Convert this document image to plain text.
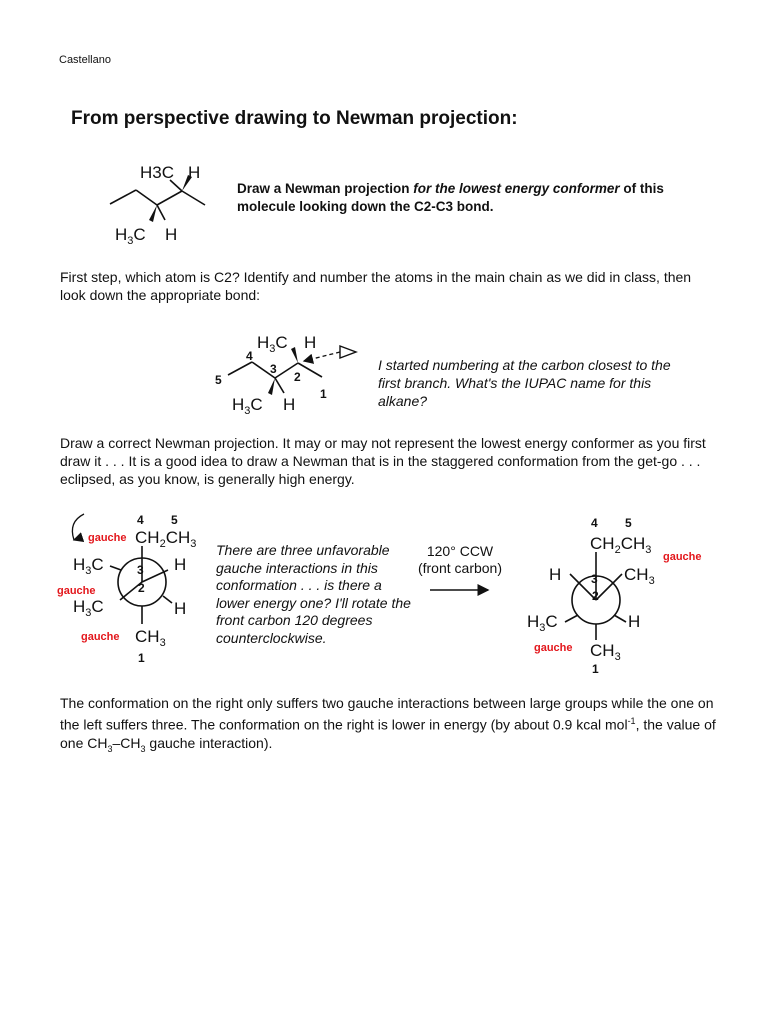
Castellano
From perspective drawing to Newman projection:
Draw a Newman projection for the lowest energy conformer of this molecule looking down the C2-C3 bond.
First step, which atom is C2? Identify and number the atoms in the main chain as we did in class, then look down the appropriate bond:
I started numbering at the carbon closest to the first branch. What's the IUPAC name for this alkane?
Draw a correct Newman projection. It may or may not represent the lowest energy conformer as you first draw it . . . It is a good idea to draw a Newman that is in the staggered conformation from the get-go . . . eclipsed, as you know, is generally high energy.
There are three unfavorable gauche interactions in this conformation . . . is there a lower energy one? I'll rotate the front carbon 120 degrees counterclockwise.
120° CCW
(front carbon)
The conformation on the right only suffers two gauche interactions between large groups while the one on the left suffers three. The conformation on the right is lower in energy (by about 0.9 kcal mol$^{-1}$, the value of one $CH_3-CH_3$ gauche interaction).
H3C H
$H_3C$ H
$H_3C$ H
$H_3C$ H
4
3
2
5
1
4 5
$CH_2CH_3$
gauche
$H_3C$	H
3
2
gauche
$H_3C$	H
gauche $CH_3$
1
4 5
$CH_2CH_3$
gauche
H	$CH_3$
3
2
$H_3C$	H
gauche $CH_3$
1
